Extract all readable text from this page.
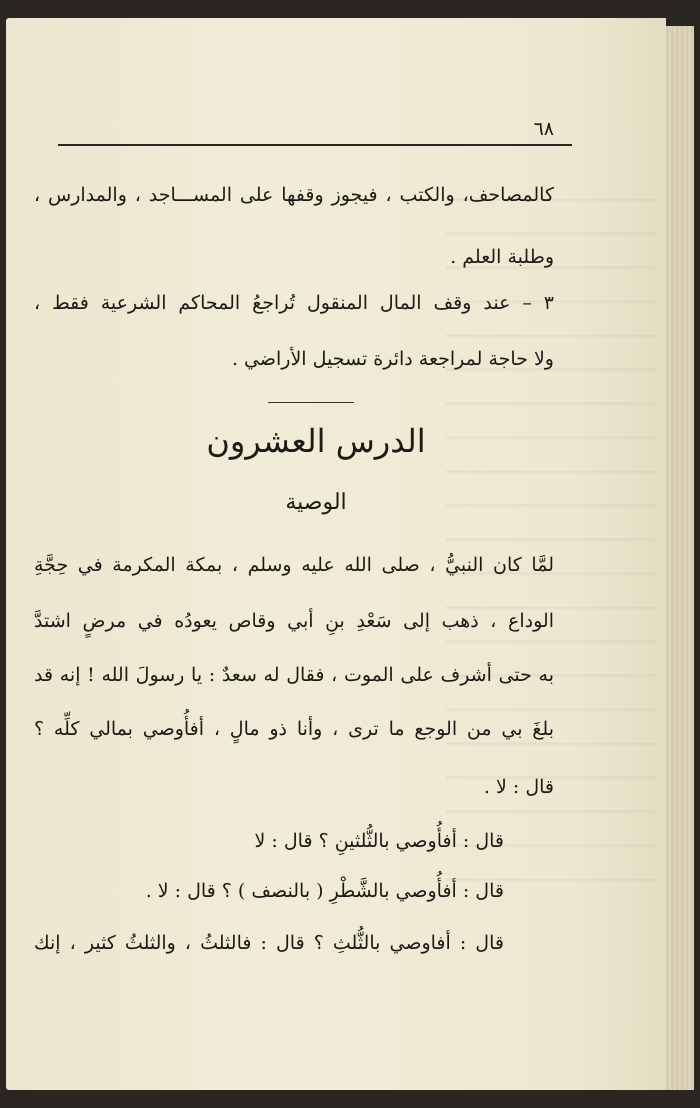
٦٨
كالمصاحف، والكتب ، فيجوز وقفها على المســـاجد ، والمدارس ،
وطلبة العلم .
٣ – عند وقف المال المنقول تُراجعُ المحاكم الشرعية فقط ،
ولا حاجة لمراجعة دائرة تسجيل الأراضي .
الدرس العشرون
الوصية
لمَّا كان النبيُّ ، صلى الله عليه وسلم ، بمكة المكرمة في حِجَّةِ
الوداع ، ذهب إلى سَعْدِ بنِ أبي وقاص يعودُه في مرضٍ اشتدَّ
به حتى أشرف على الموت ، فقال له سعدٌ : يا رسولَ الله ! إنه قد
بلغَ بي من الوجع ما ترى ، وأنا ذو مالٍ ، أفأُوصي بمالي كلِّه ؟
قال : لا .
قال : أفأُوصي بالثُّلثينِ ؟ قال : لا
قال : أفأُوصي بالشَّطْرِ ( بالنصف ) ؟ قال : لا .
قال : أفاوصي بالثُّلثِ ؟ قال : فالثلثُ ، والثلثُ كثير ، إنك
